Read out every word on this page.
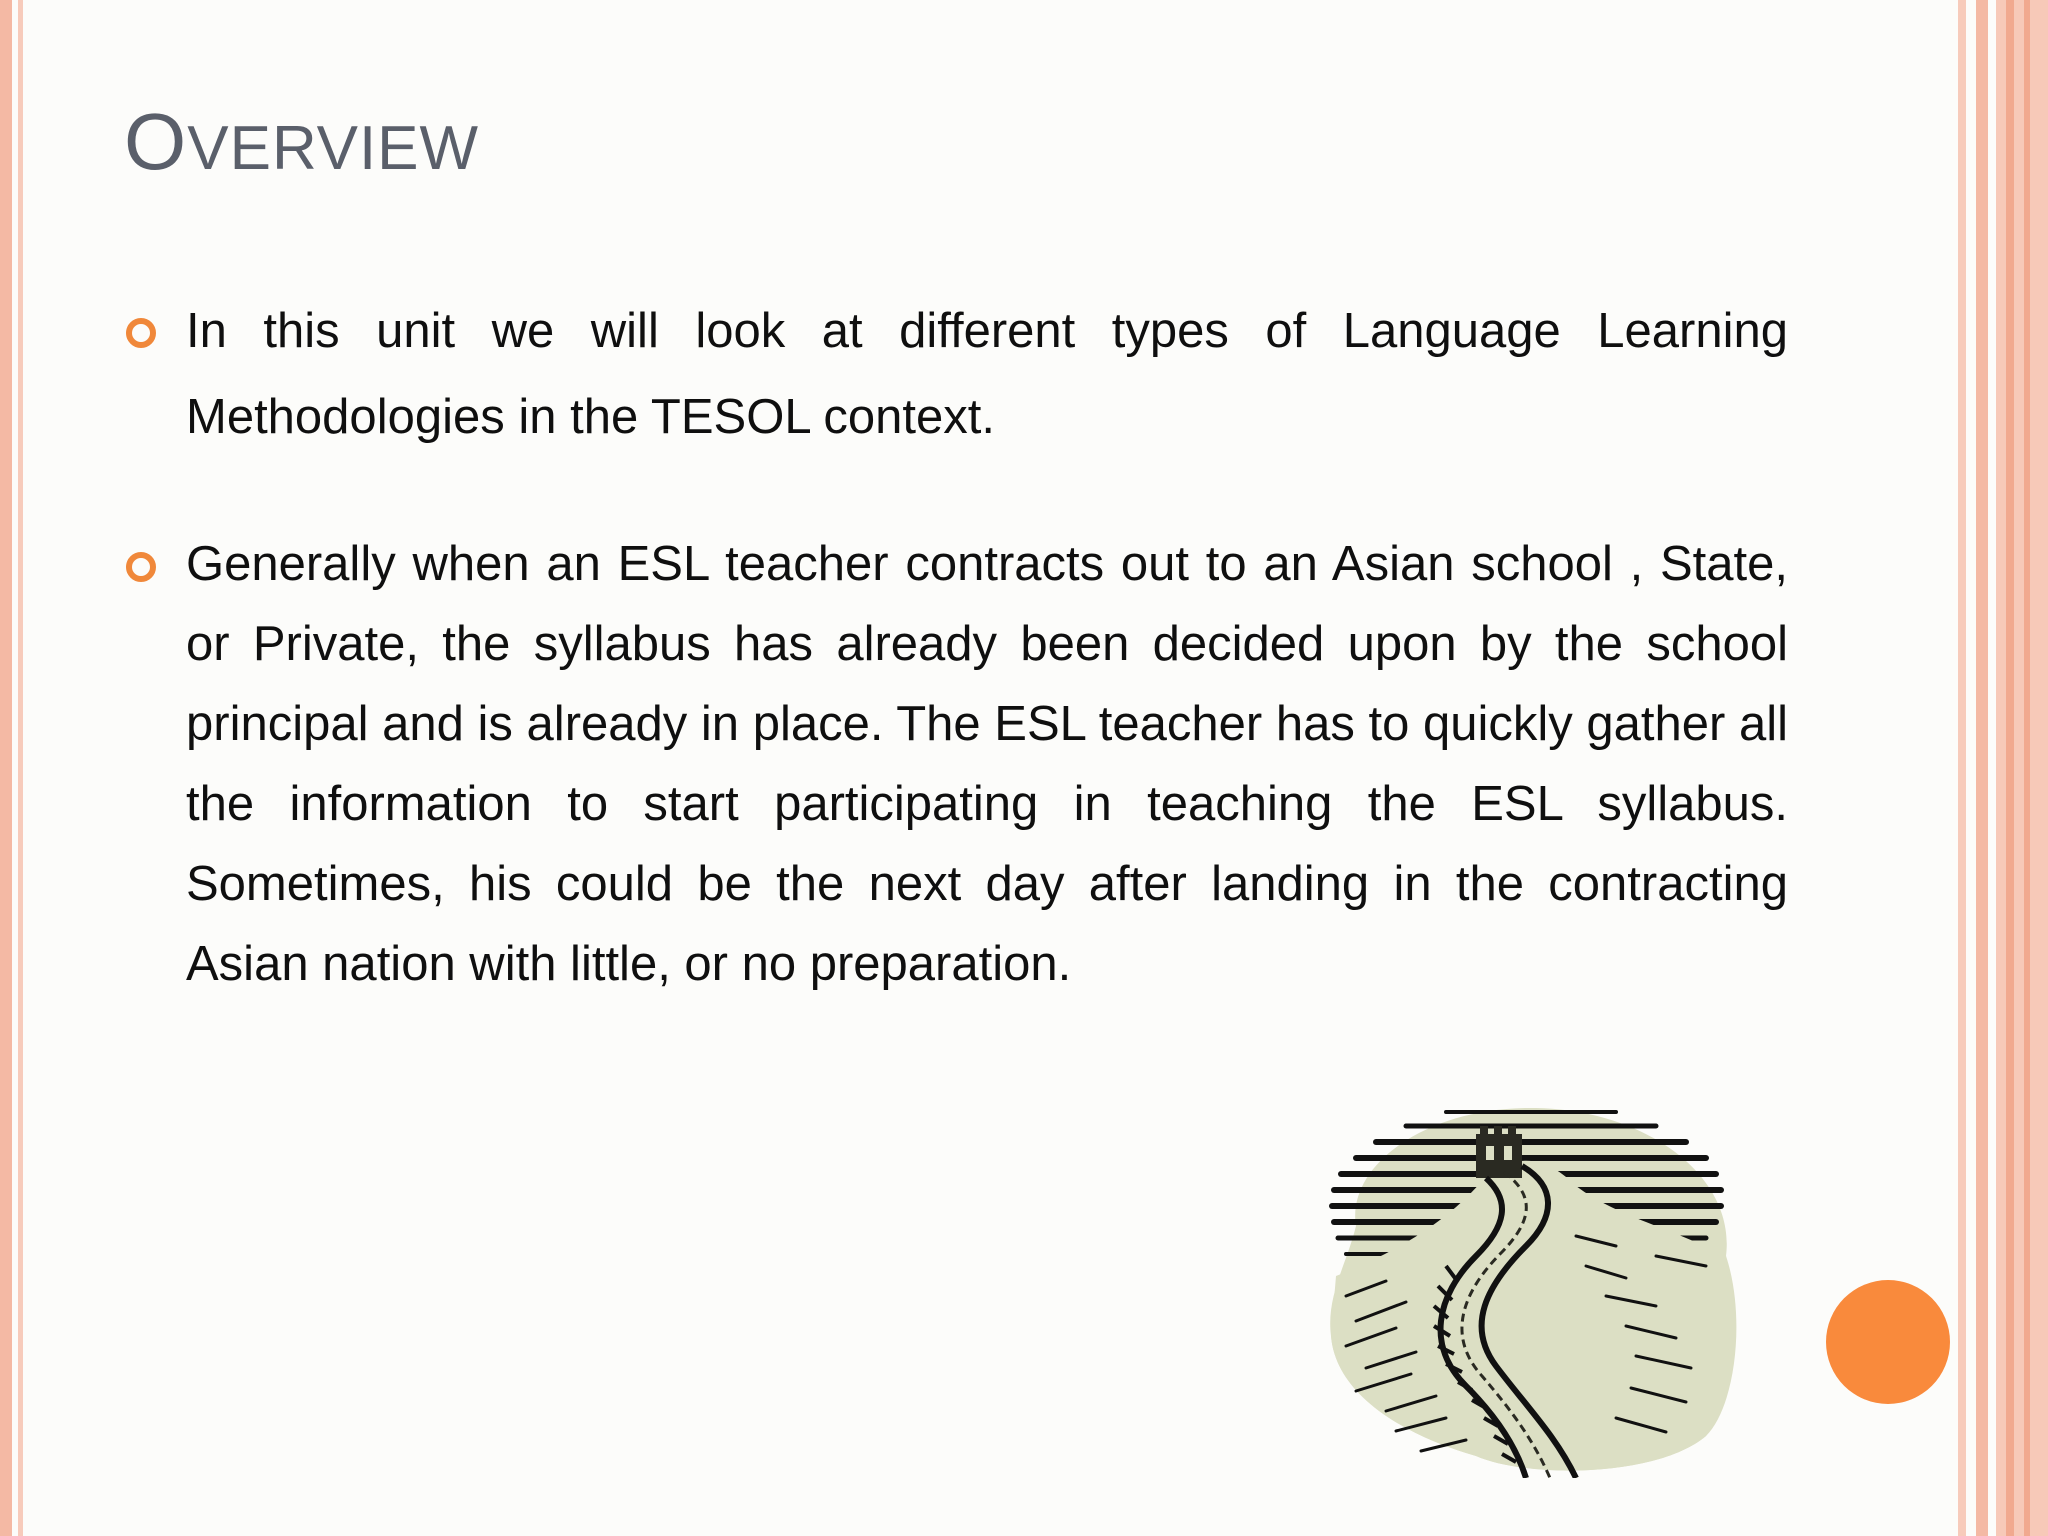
OVERVIEW
In this unit we will look at different types of Language Learning Methodologies in the TESOL context.
Generally when an ESL teacher contracts out to an Asian school , State, or Private, the syllabus has already been decided upon by the school principal and is already in place. The ESL teacher has to quickly gather all the information to start participating in teaching the ESL syllabus. Sometimes, his could be the next day after landing in the contracting Asian nation with little, or no preparation.
